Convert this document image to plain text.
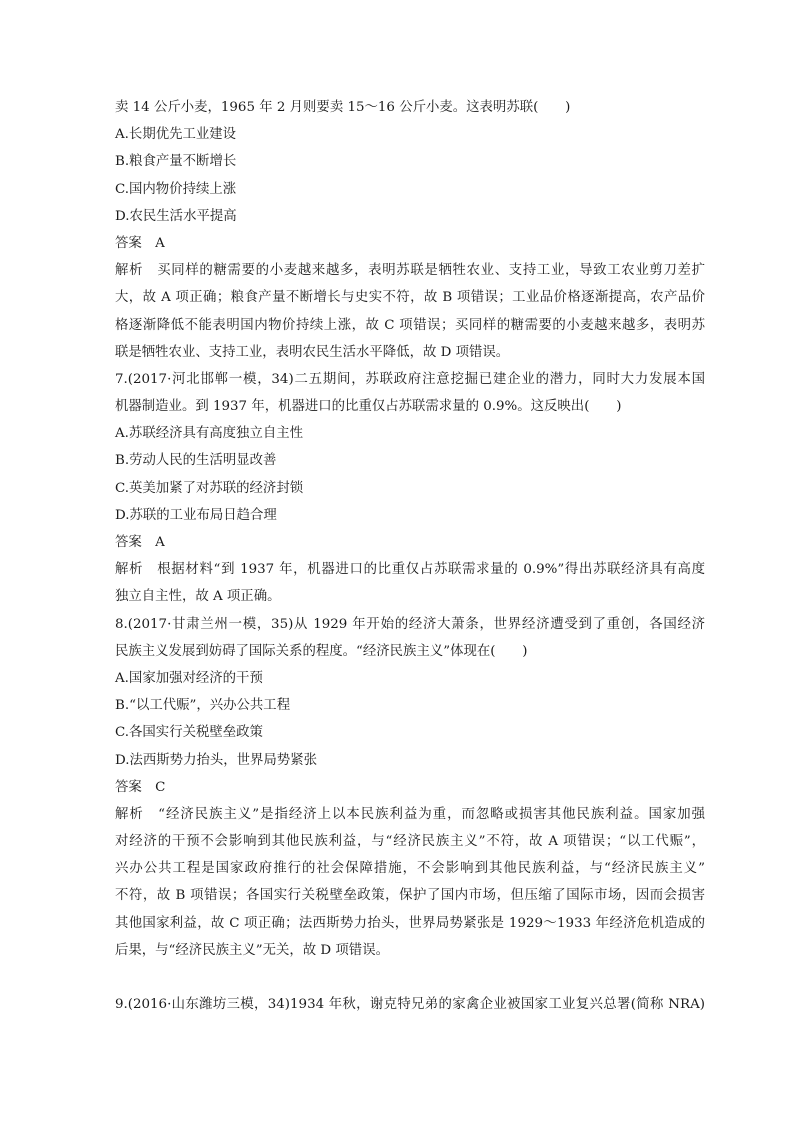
卖 14 公斤小麦，1965 年 2 月则要卖 15～16 公斤小麦。这表明苏联(　　)
A.长期优先工业建设
B.粮食产量不断增长
C.国内物价持续上涨
D.农民生活水平提高
答案　A
解析　买同样的糖需要的小麦越来越多，表明苏联是牺牲农业、支持工业，导致工农业剪刀差扩
大，故 A 项正确；粮食产量不断增长与史实不符，故 B 项错误；工业品价格逐渐提高，农产品价
格逐渐降低不能表明国内物价持续上涨，故 C 项错误；买同样的糖需要的小麦越来越多，表明苏
联是牺牲农业、支持工业，表明农民生活水平降低，故 D 项错误。
7.(2017·河北邯郸一模，34)二五期间，苏联政府注意挖掘已建企业的潜力，同时大力发展本国
机器制造业。到 1937 年，机器进口的比重仅占苏联需求量的 0.9%。这反映出(　　)
A.苏联经济具有高度独立自主性
B.劳动人民的生活明显改善
C.英美加紧了对苏联的经济封锁
D.苏联的工业布局日趋合理
答案　A
解析　根据材料“到 1937 年，机器进口的比重仅占苏联需求量的 0.9%”得出苏联经济具有高度
独立自主性，故 A 项正确。
8.(2017·甘肃兰州一模，35)从 1929 年开始的经济大萧条，世界经济遭受到了重创，各国经济
民族主义发展到妨碍了国际关系的程度。“经济民族主义”体现在(　　)
A.国家加强对经济的干预
B.“以工代赈”，兴办公共工程
C.各国实行关税壁垒政策
D.法西斯势力抬头，世界局势紧张
答案　C
解析　“经济民族主义”是指经济上以本民族利益为重，而忽略或损害其他民族利益。国家加强
对经济的干预不会影响到其他民族利益，与“经济民族主义”不符，故 A 项错误；“以工代赈”，
兴办公共工程是国家政府推行的社会保障措施，不会影响到其他民族利益，与“经济民族主义”
不符，故 B 项错误；各国实行关税壁垒政策，保护了国内市场，但压缩了国际市场，因而会损害
其他国家利益，故 C 项正确；法西斯势力抬头，世界局势紧张是 1929～1933 年经济危机造成的
后果，与“经济民族主义”无关，故 D 项错误。
9.(2016·山东潍坊三模，34)1934 年秋，谢克特兄弟的家禽企业被国家工业复兴总署(简称 NRA)
